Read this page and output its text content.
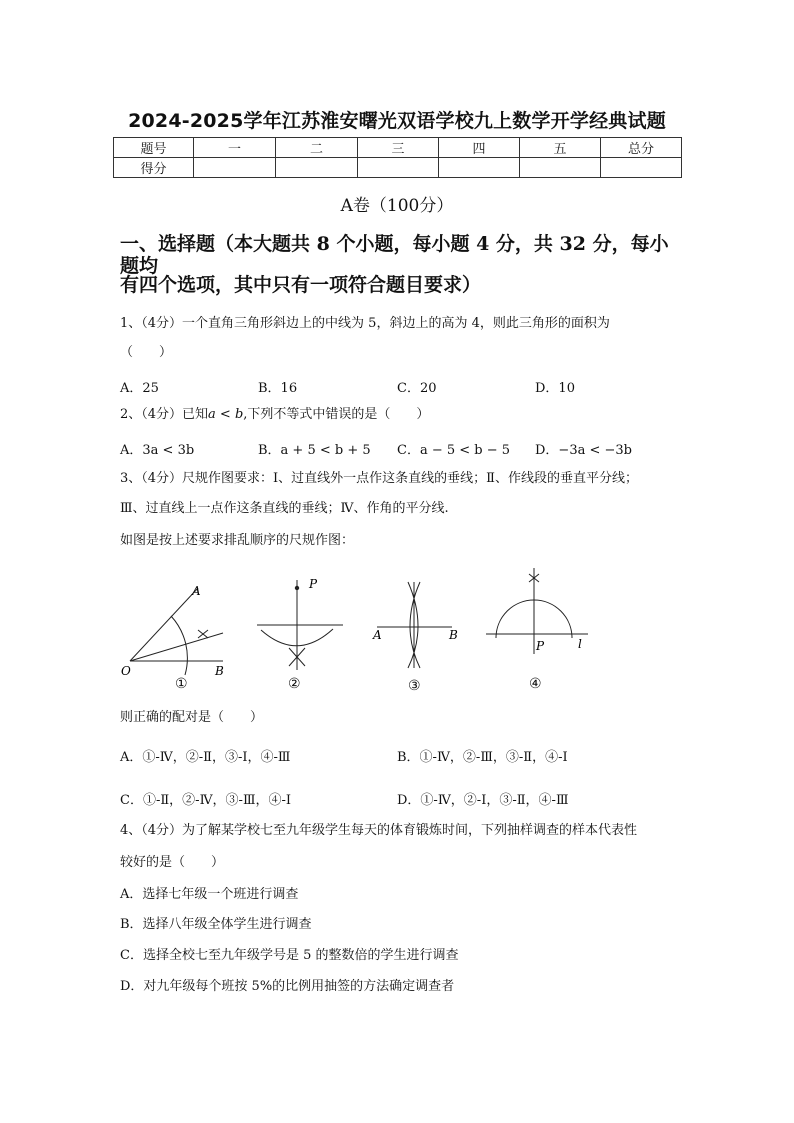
2024-2025学年江苏淮安曙光双语学校九上数学开学经典试题
题号	一	二	三	四	五	总分
得分						
A卷（100分）
一、选择题（本大题共 8 个小题，每小题 4 分，共 32 分，每小题均
有四个选项，其中只有一项符合题目要求）
1、（4分）一个直角三角形斜边上的中线为 5，斜边上的高为 4，则此三角形的面积为
（　　）
A．25	B．16	C．20	D．10
2、（4分）已知a < b,下列不等式中错误的是（　　）
A．3a < 3b	B．a + 5 < b + 5 C．a − 5 < b − 5 D．−3a < −3b
3、（4分）尺规作图要求：Ⅰ、过直线外一点作这条直线的垂线；Ⅱ、作线段的垂直平分线；
Ⅲ、过直线上一点作这条直线的垂线；Ⅳ、作角的平分线.
如图是按上述要求排乱顺序的尺规作图：
A
O	B
①
P
②
A	B
③
P	l
④
则正确的配对是（　　）
A．①-Ⅳ，②-Ⅱ，③-Ⅰ，④-Ⅲ	B．①-Ⅳ，②-Ⅲ，③-Ⅱ，④-Ⅰ
C．①-Ⅱ，②-Ⅳ，③-Ⅲ，④-Ⅰ	D．①-Ⅳ，②-Ⅰ，③-Ⅱ，④-Ⅲ
4、（4分）为了解某学校七至九年级学生每天的体育锻炼时间，下列抽样调查的样本代表性
较好的是（　　）
A．选择七年级一个班进行调查
B．选择八年级全体学生进行调查
C．选择全校七至九年级学号是 5 的整数倍的学生进行调查
D．对九年级每个班按 5%的比例用抽签的方法确定调查者
